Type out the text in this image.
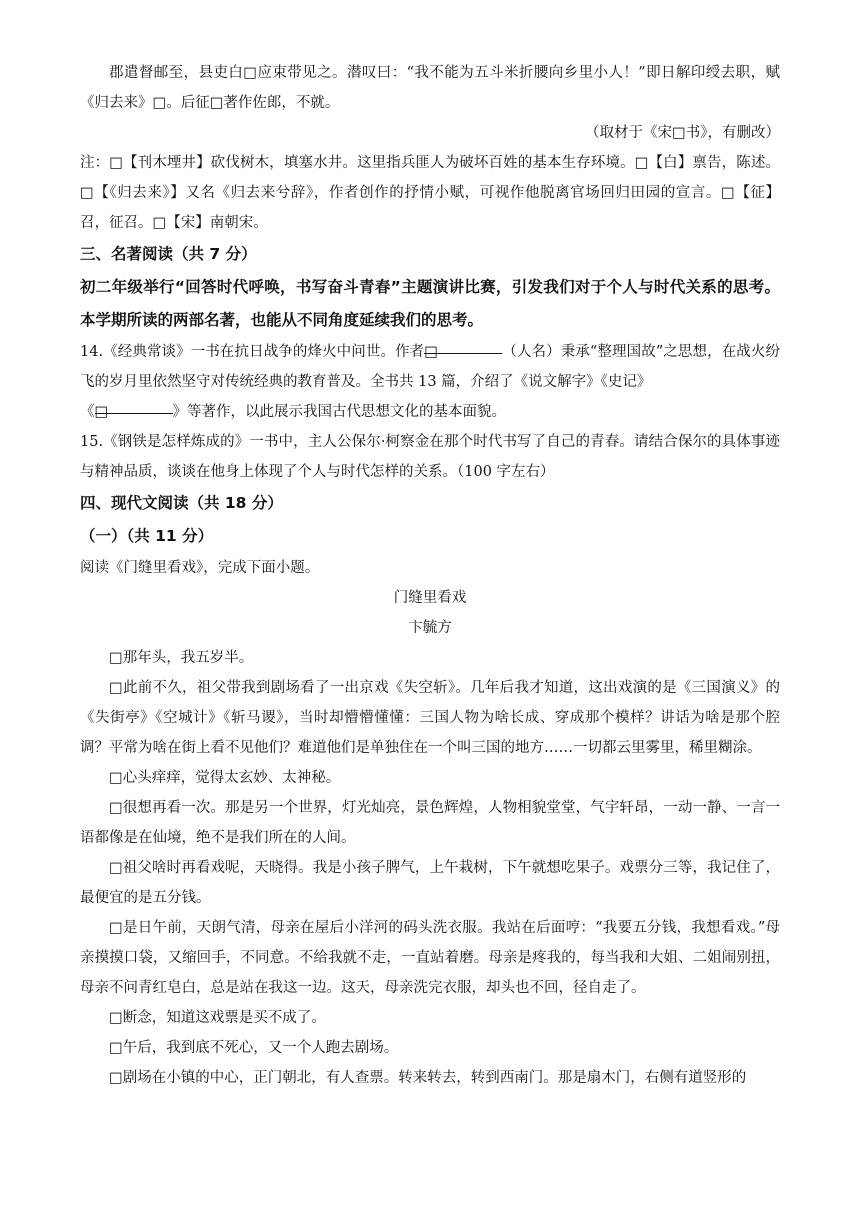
郡遣督邮至，县吏白□应束带见之。潜叹曰：“我不能为五斗米折腰向乡里小人！”即日解印绶去职，赋《归去来》□。后征□著作佐郎，不就。

（取材于《宋□书》，有删改）

注：□【刊木堙井】砍伐树木，填塞水井。这里指兵匪人为破坏百姓的基本生存环境。□【白】禀告，陈述。□【《归去来》】又名《归去来兮辞》，作者创作的抒情小赋，可视作他脱离官场回归田园的宣言。□【征】召，征召。□【宋】南朝宋。

三、名著阅读（共 7 分）

初二年级举行“回答时代呼唤，书写奋斗青春”主题演讲比赛，引发我们对于个人与时代关系的思考。本学期所读的两部名著，也能从不同角度延续我们的思考。

14.《经典常谈》一书在抗日战争的烽火中问世。作者□	（人名）秉承“整理国故”之思想，在战火纷飞的岁月里依然坚守对传统经典的教育普及。全书共 13 篇，介绍了《说文解字》《史记》
《□	》等著作，以此展示我国古代思想文化的基本面貌。

15.《钢铁是怎样炼成的》一书中，主人公保尔·柯察金在那个时代书写了自己的青春。请结合保尔的具体事迹与精神品质，谈谈在他身上体现了个人与时代怎样的关系。（100 字左右）

四、现代文阅读（共 18 分）

（一）（共 11 分）

阅读《门缝里看戏》，完成下面小题。

门缝里看戏

卞毓方

□那年头，我五岁半。

□此前不久，祖父带我到剧场看了一出京戏《失空斩》。几年后我才知道，这出戏演的是《三国演义》的《失街亭》《空城计》《斩马谡》，当时却懵懵懂懂：三国人物为啥长成、穿成那个模样？讲话为啥是那个腔调？平常为啥在街上看不见他们？难道他们是单独住在一个叫三国的地方……一切都云里雾里，稀里糊涂。

□心头痒痒，觉得太玄妙、太神秘。

□很想再看一次。那是另一个世界，灯光灿亮，景色辉煌，人物相貌堂堂，气宇轩昂，一动一静、一言一语都像是在仙境，绝不是我们所在的人间。

□祖父啥时再看戏呢，天晓得。我是小孩子脾气，上午栽树，下午就想吃果子。戏票分三等，我记住了，最便宜的是五分钱。

□是日午前，天朗气清，母亲在屋后小洋河的码头洗衣服。我站在后面哼：“我要五分钱，我想看戏。”母亲摸摸口袋，又缩回手，不同意。不给我就不走，一直站着磨。母亲是疼我的，每当我和大姐、二姐闹别扭，母亲不问青红皂白，总是站在我这一边。这天，母亲洗完衣服，却头也不回，径自走了。

□断念，知道这戏票是买不成了。

□午后，我到底不死心，又一个人跑去剧场。

□剧场在小镇的中心，正门朝北，有人查票。转来转去，转到西南门。那是扇木门，右侧有道竖形的
